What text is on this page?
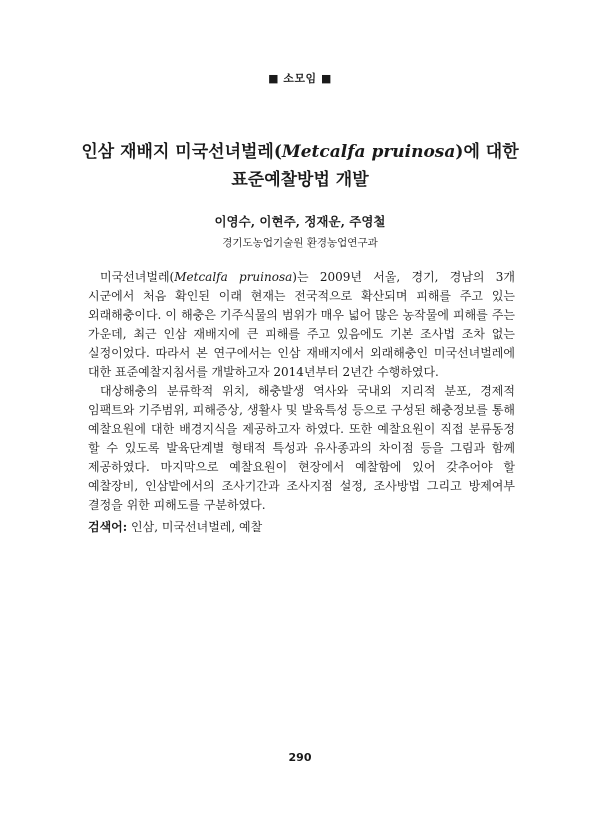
■ 소모임 ■
인삼 재배지 미국선녀벌레(Metcalfa pruinosa)에 대한
표준예찰방법 개발
이영수, 이현주, 정재운, 주영철
경기도농업기술원 환경농업연구과

미국선녀벌레(Metcalfa pruinosa)는 2009년 서울, 경기, 경남의 3개 시군에서 처음 확인된 이래 현재는 전국적으로 확산되며 피해를 주고 있는 외래해충이다. 이 해충은 기주식물의 범위가 매우 넓어 많은 농작물에 피해를 주는 가운데, 최근 인삼 재배지에 큰 피해를 주고 있음에도 기본 조사법 조차 없는 실정이었다. 따라서 본 연구에서는 인삼 재배지에서 외래해충인 미국선녀벌레에 대한 표준예찰지침서를 개발하고자 2014년부터 2년간 수행하였다.

대상해충의 분류학적 위치, 해충발생 역사와 국내외 지리적 분포, 경제적 임팩트와 기주범위, 피해증상, 생활사 및 발육특성 등으로 구성된 해충정보를 통해 예찰요원에 대한 배경지식을 제공하고자 하였다. 또한 예찰요원이 직접 분류동정 할 수 있도록 발육단계별 형태적 특성과 유사종과의 차이점 등을 그림과 함께 제공하였다. 마지막으로 예찰요원이 현장에서 예찰함에 있어 갖추어야 할 예찰장비, 인삼밭에서의 조사기간과 조사지점 설정, 조사방법 그리고 방제여부 결정을 위한 피해도를 구분하였다.

검색어: 인삼, 미국선녀벌레, 예찰
290
